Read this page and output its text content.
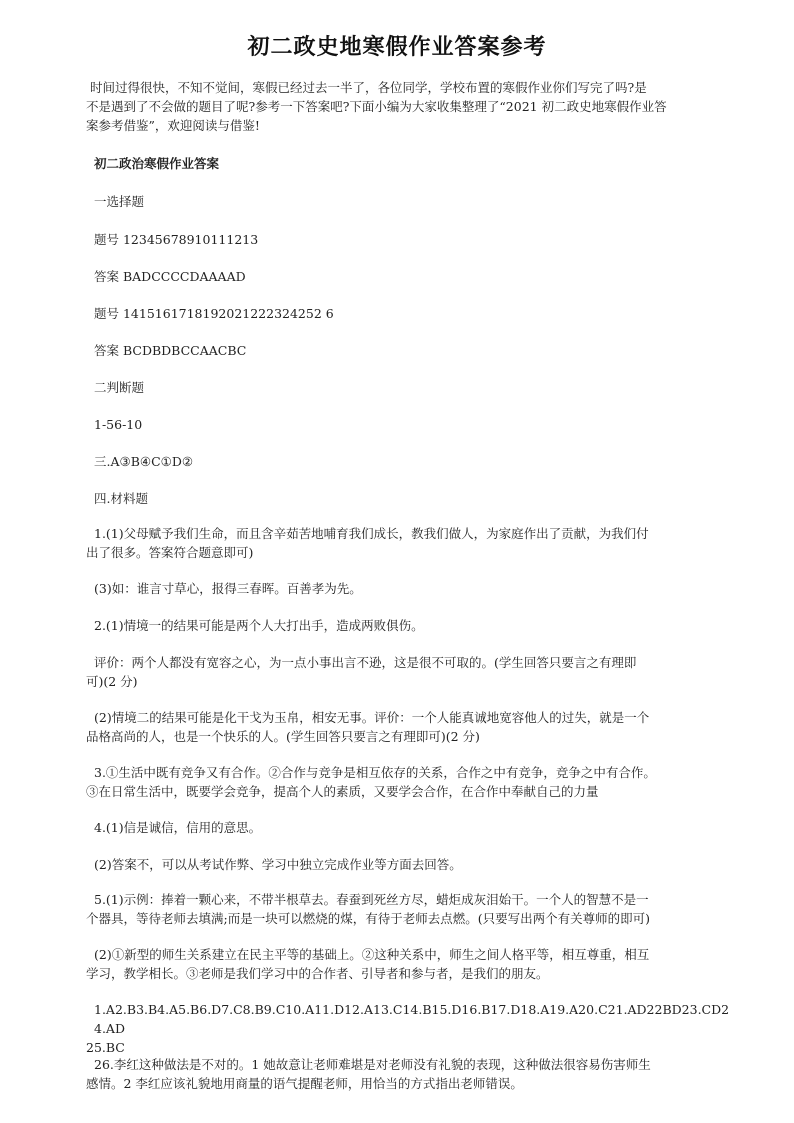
初二政史地寒假作业答案参考
时间过得很快，不知不觉间，寒假已经过去一半了，各位同学，学校布置的寒假作业你们写完了吗?是
不是遇到了不会做的题目了呢?参考一下答案吧?下面小编为大家收集整理了“2021 初二政史地寒假作业答
案参考借鉴”，欢迎阅读与借鉴!
初二政治寒假作业答案
一选择题
题号 12345678910111213
答案 BADCCCCDAAAAD
题号 1415161718192021222324252 6
答案 BCDBDBCCAACBC
二判断题
1-56-10
三.A③B④C①D②
四.材料题
1.(1)父母赋予我们生命，而且含辛茹苦地哺育我们成长，教我们做人，为家庭作出了贡献，为我们付
出了很多。答案符合题意即可)
(3)如：谁言寸草心，报得三春晖。百善孝为先。
2.(1)情境一的结果可能是两个人大打出手，造成两败俱伤。
评价：两个人都没有宽容之心，为一点小事出言不逊，这是很不可取的。(学生回答只要言之有理即
可)(2 分)
(2)情境二的结果可能是化干戈为玉帛，相安无事。评价：一个人能真诚地宽容他人的过失，就是一个
品格高尚的人，也是一个快乐的人。(学生回答只要言之有理即可)(2 分)
3.①生活中既有竞争又有合作。②合作与竞争是相互依存的关系，合作之中有竞争，竞争之中有合作。
③在日常生活中，既要学会竞争，提高个人的素质，又要学会合作，在合作中奉献自己的力量
4.(1)信是诚信，信用的意思。
(2)答案不，可以从考试作弊、学习中独立完成作业等方面去回答。
5.(1)示例：捧着一颗心来，不带半根草去。春蚕到死丝方尽，蜡炬成灰泪始干。一个人的智慧不是一
个器具，等待老师去填满;而是一块可以燃烧的煤，有待于老师去点燃。(只要写出两个有关尊师的即可)
(2)①新型的师生关系建立在民主平等的基础上。②这种关系中，师生之间人格平等，相互尊重，相互
学习，教学相长。③老师是我们学习中的合作者、引导者和参与者，是我们的朋友。
1.A2.B3.B4.A5.B6.D7.C8.B9.C10.A11.D12.A13.C14.B15.D16.B17.D18.A19.A20.C21.AD22BD23.CD24.AD
25.BC
26.李红这种做法是不对的。1 她故意让老师难堪是对老师没有礼貌的表现，这种做法很容易伤害师生
感情。2 李红应该礼貌地用商量的语气提醒老师，用恰当的方式指出老师错误。
